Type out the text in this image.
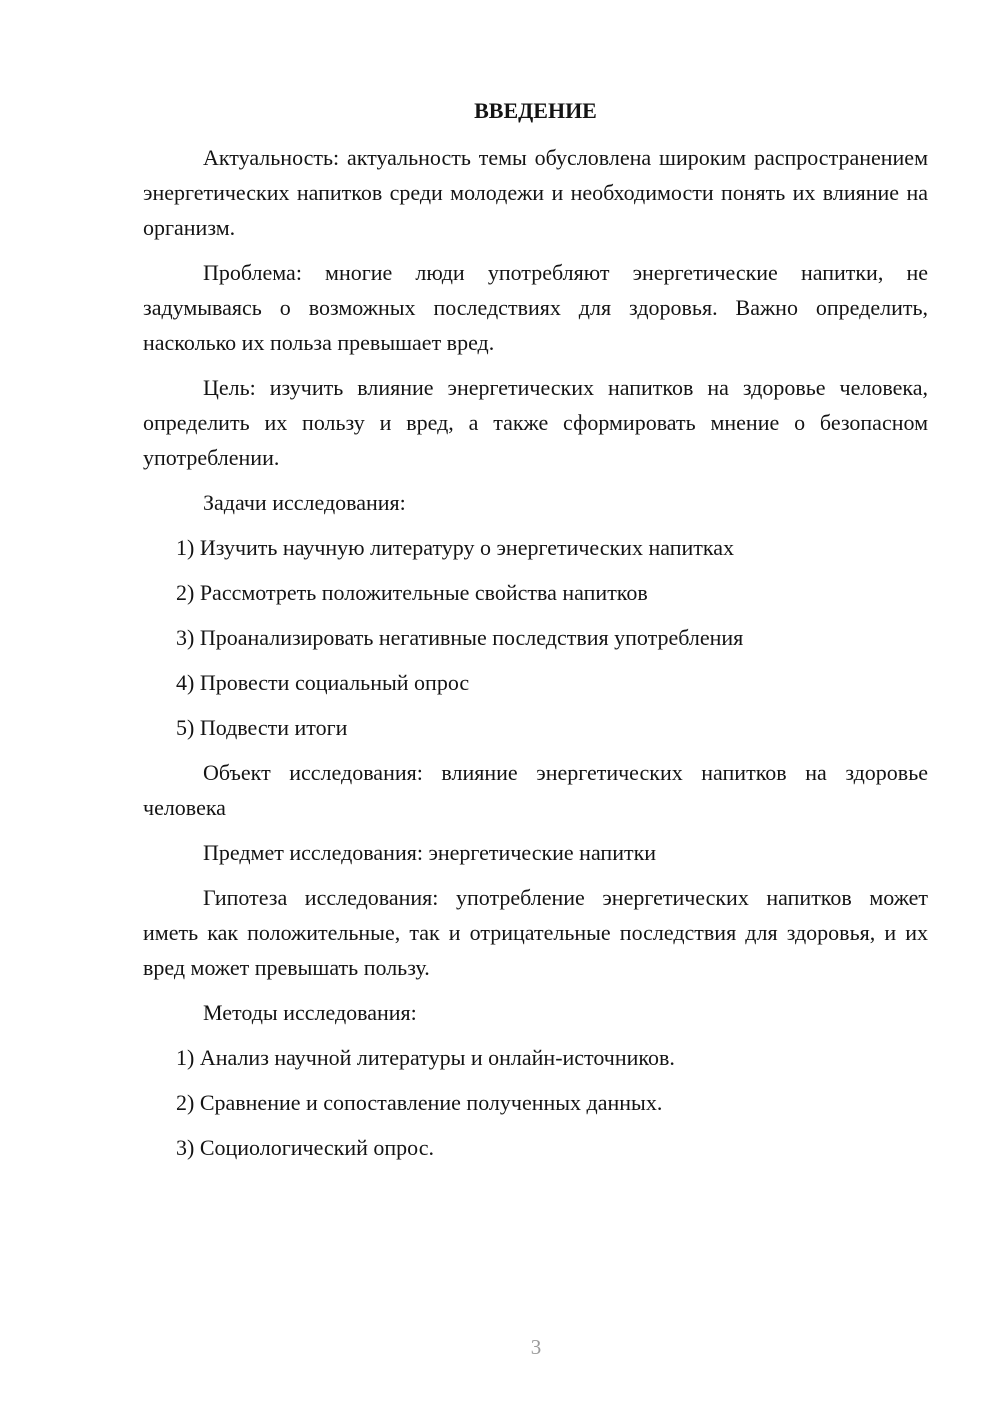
ВВЕДЕНИЕ
Актуальность: актуальность темы обусловлена широким распространением энергетических напитков среди молодежи и необходимости понять их влияние на организм.
Проблема: многие люди употребляют энергетические напитки, не задумываясь о возможных последствиях для здоровья. Важно определить, насколько их польза превышает вред.
Цель: изучить влияние энергетических напитков на здоровье человека, определить их пользу и вред, а также сформировать мнение о безопасном употреблении.
Задачи исследования:
1) Изучить научную литературу о энергетических напитках
2) Рассмотреть положительные свойства напитков
3) Проанализировать негативные последствия употребления
4) Провести социальный опрос
5) Подвести итоги
Объект исследования: влияние энергетических напитков на здоровье человека
Предмет исследования: энергетические напитки
Гипотеза исследования: употребление энергетических напитков может иметь как положительные, так и отрицательные последствия для здоровья, и их вред может превышать пользу.
Методы исследования:
1) Анализ научной литературы и онлайн-источников.
2) Сравнение и сопоставление полученных данных.
3) Социологический опрос.
3
